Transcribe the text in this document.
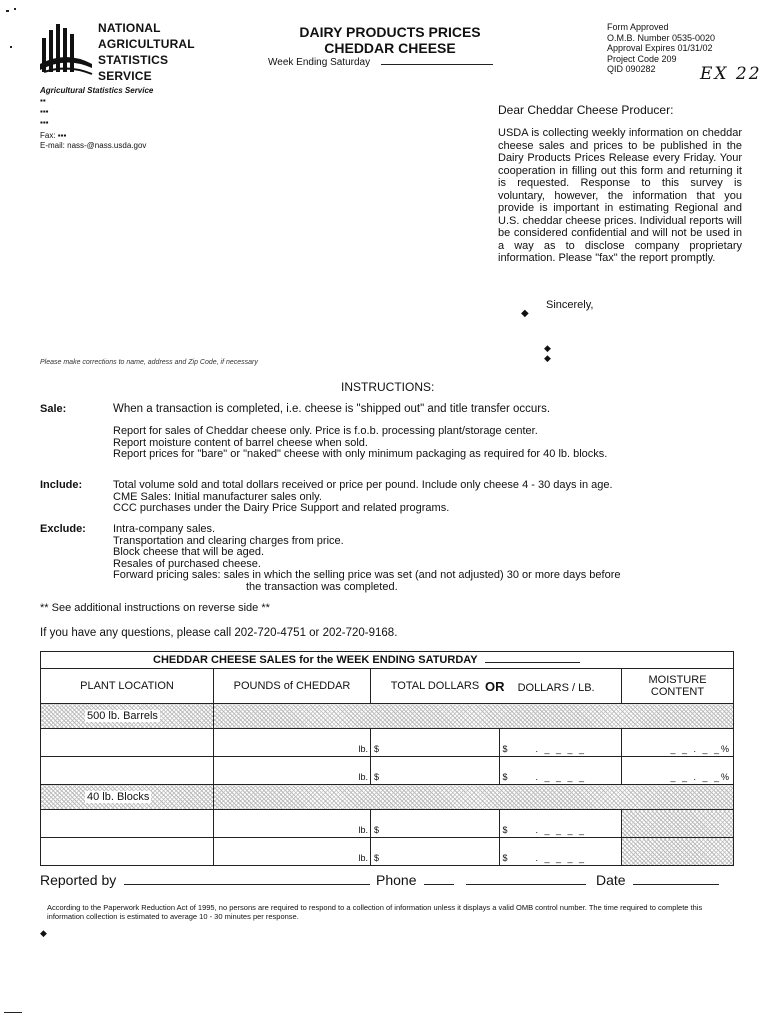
NATIONAL
AGRICULTURAL
STATISTICS
SERVICE
Agricultural Statistics Service
▪▪
▪▪▪
▪▪▪
Fax: ▪▪▪
E-mail: nass-@nass.usda.gov
DAIRY PRODUCTS PRICES
CHEDDAR CHEESE
Week Ending Saturday
Form Approved
O.M.B. Number 0535-0020
Approval Expires 01/31/02
Project Code 209
QID 090282	EX 22
Dear Cheddar Cheese Producer:
USDA is collecting weekly information on cheddar cheese sales and prices to be published in the Dairy Products Prices Release every Friday. Your cooperation in filling out this form and returning it is requested. Response to this survey is voluntary, however, the information that you provide is important in estimating Regional and U.S. cheddar cheese prices. Individual reports will be considered confidential and will not be used in a way as to disclose company proprietary information. Please "fax" the report promptly.
Sincerely,
◆
◆
◆
Please make corrections to name, address and Zip Code, if necessary
INSTRUCTIONS:
Sale:	When a transaction is completed, i.e. cheese is "shipped out" and title transfer occurs.
Report for sales of Cheddar cheese only. Price is f.o.b. processing plant/storage center.
Report moisture content of barrel cheese when sold.
Report prices for "bare" or "naked" cheese with only minimum packaging as required for 40 lb. blocks.
Include:	Total volume sold and total dollars received or price per pound. Include only cheese 4 - 30 days in age.
CME Sales: Initial manufacturer sales only.
CCC purchases under the Dairy Price Support and related programs.
Exclude: Intra-company sales.
Transportation and clearing charges from price.
Block cheese that will be aged.
Resales of purchased cheese.
Forward pricing sales: sales in which the selling price was set (and not adjusted) 30 or more days before
the transaction was completed.
** See additional instructions on reverse side **
If you have any questions, please call 202-720-4751 or 202-720-9168.
CHEDDAR CHEESE SALES for the WEEK ENDING SATURDAY				
PLANT LOCATION	POUNDS of CHEDDAR	TOTAL DOLLARS	OR DOLLARS / LB.	MOISTURE CONTENT
500 lb. Barrels				
	lb.	$	$ . _ _ _ _	_ _ . _ _%
	lb.	$	$ . _ _ _ _	_ _ . _ _%
40 lb. Blocks				
	lb.	$	$ . _ _ _ _	
	lb.	$	$ . _ _ _ _	
Reported by	Phone	Date
According to the Paperwork Reduction Act of 1995, no persons are required to respond to a collection of information unless it displays a valid OMB control number. The time required to complete this information collection is estimated to average 10 - 30 minutes per response.
◆
